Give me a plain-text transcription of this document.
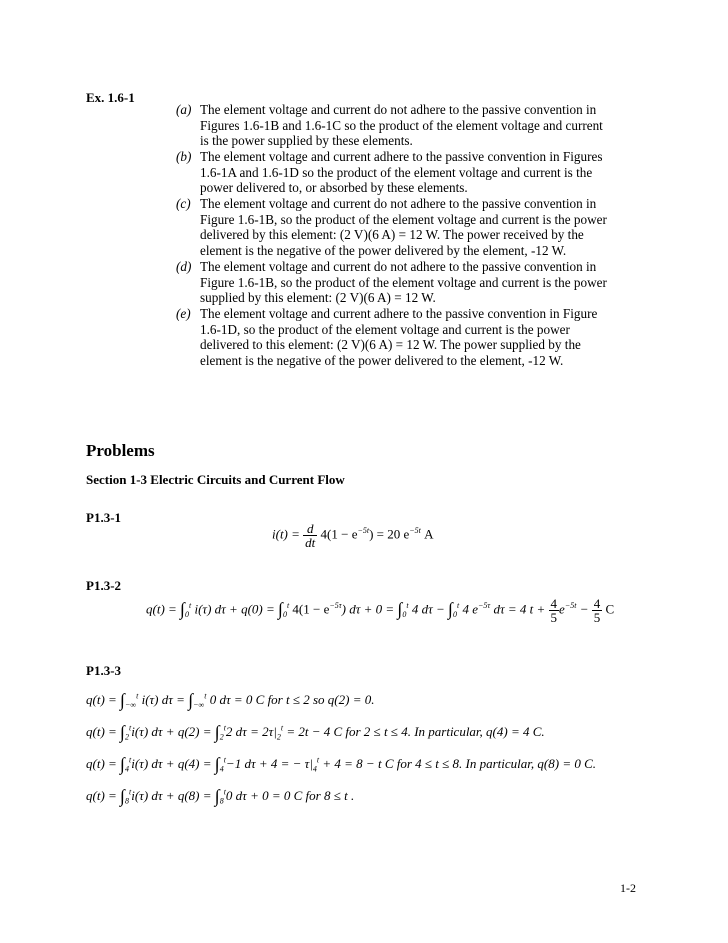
Ex. 1.6-1
(a) The element voltage and current do not adhere to the passive convention in
Figures 1.6-1B and 1.6-1C so the product of the element voltage and current
is the power supplied by these elements.
(b) The element voltage and current adhere to the passive convention in Figures
1.6-1A and 1.6-1D so the product of the element voltage and current is the
power delivered to, or absorbed by these elements.
(c) The element voltage and current do not adhere to the passive convention in
Figure 1.6-1B, so the product of the element voltage and current is the power
delivered by this element: (2 V)(6 A) = 12 W. The power received by the
element is the negative of the power delivered by the element, -12 W.
(d) The element voltage and current do not adhere to the passive convention in
Figure 1.6-1B, so the product of the element voltage and current is the power
supplied by this element: (2 V)(6 A) = 12 W.
(e) The element voltage and current adhere to the passive convention in Figure
1.6-1D, so the product of the element voltage and current is the power
delivered to this element: (2 V)(6 A) = 12 W. The power supplied by the
element is the negative of the power delivered to the element, -12 W.
Problems
Section 1-3 Electric Circuits and Current Flow
P1.3-1
$i(t) = \frac{d}{dt} 4(1 - e^{-5t}) = 20$ $e^{-5t}$ A
P1.3-2
$q(t) = \int_0^t$ i(τ) $d\tau + q(0) = \int_0^t$ $4(1 - e^{-5\tau})$ $d\tau + 0 = \int_0^t$ 4 $d\tau - \int_0^t$ 4 $e^{-5\tau}$ dτ = 4 $t + \frac{4}{5} e^{-5t} - \frac{4}{5}$ C
P1.3-3
$q(t) = \int_{-\infty}^t$ i(τ) $d\tau = \int_{-\infty}^t$ 0 dτ = 0 C for t ≤ 2 so q(2) = 0.
$q(t) = \int_2^ti(\tau) d\tau + q(2) = \int_2^t2$ $d\tau = 2\tau|_2^t = 2t - 4$ C for 2 ≤ t ≤ 4. In particular, q(4) = 4 C.
$q(t) = \int_4^ti(\tau) d\tau + q(4) = \int_4^t-1$ dτ + 4 = − $\tau|_4^t + 4 = 8 - t$ C for 4 ≤ t ≤ 8. In particular, q(8) = 0 C.
$q(t) = \int_8^ti(\tau) d\tau + q(8) = \int_8^t0$ dτ + 0 = 0 C for 8 ≤ t .
1-2
